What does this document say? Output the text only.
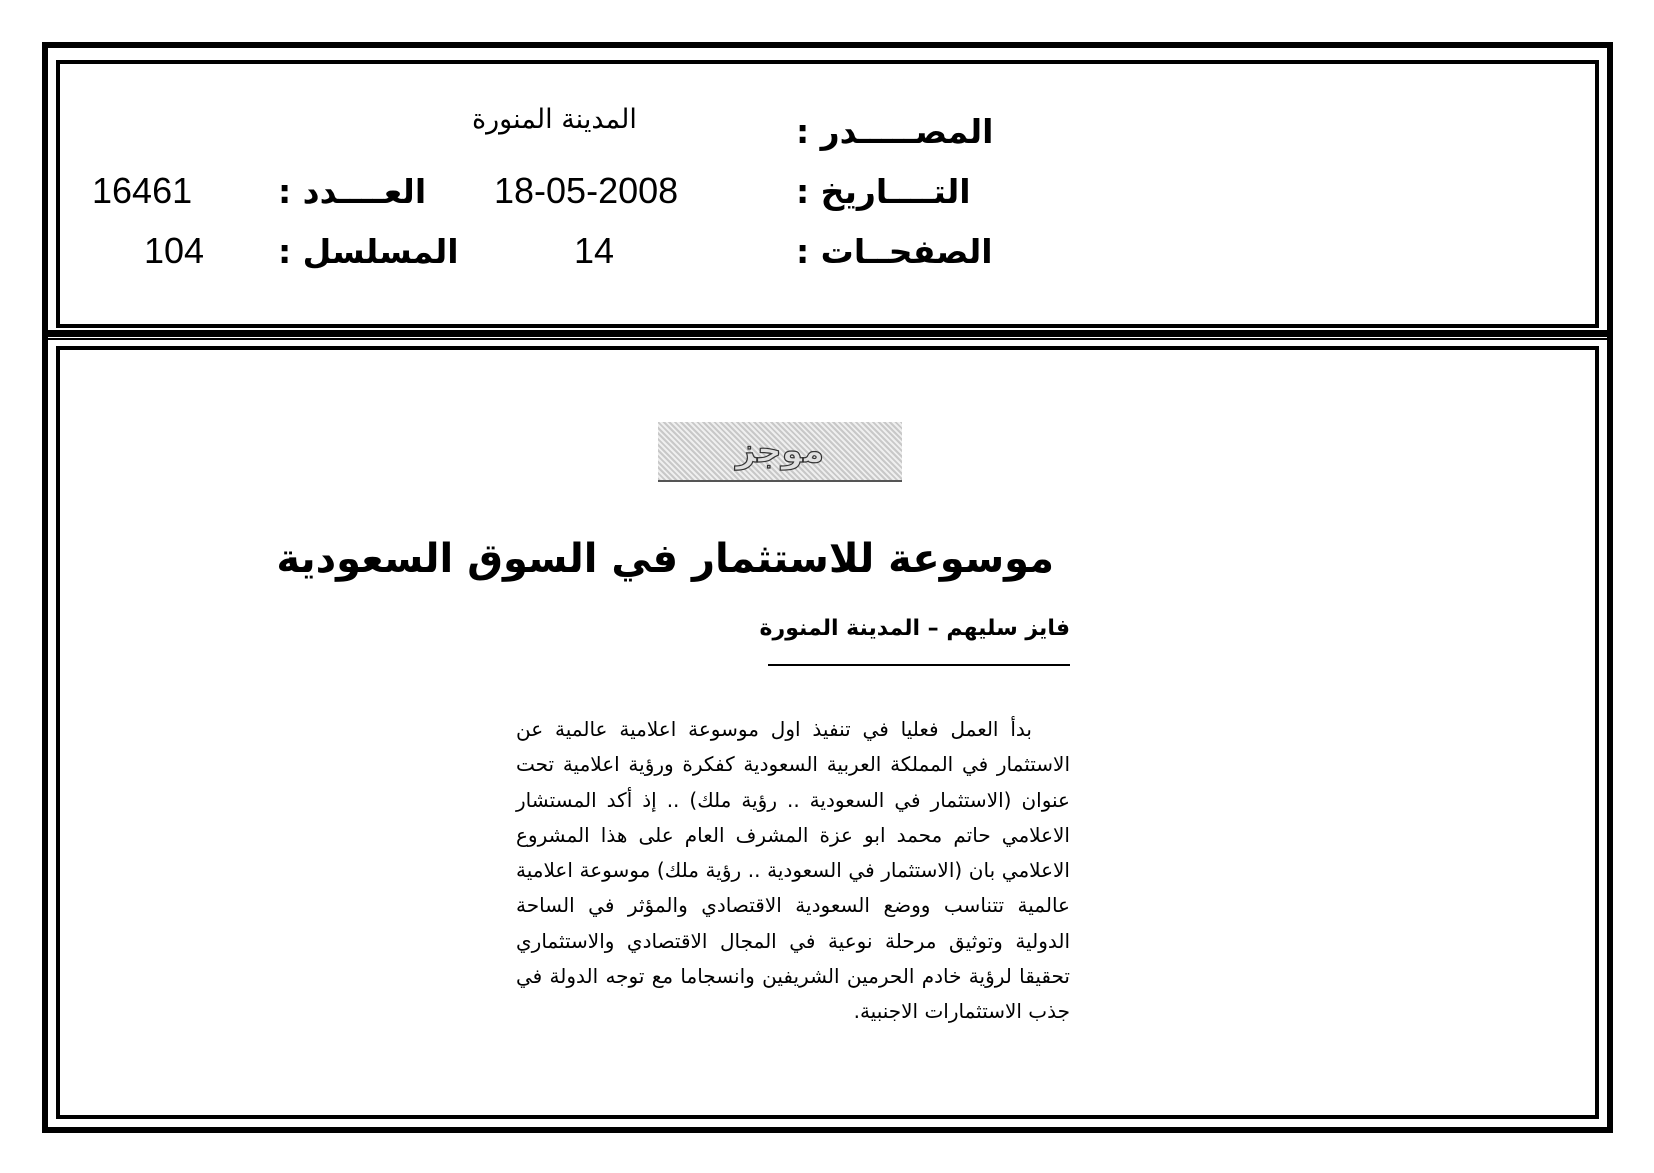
المصـــــدر :
المدينة المنورة
التــــاريخ :
18-05-2008
العــــدد :
16461
الصفحــات :
14
المسلسل :
104
موجز
موسوعة للاستثمار في السوق السعودية
فايز سليهم – المدينة المنورة

بدأ العمل فعليا في تنفيذ اول موسوعة اعلامية عالمية عن الاستثمار في المملكة العربية السعودية كفكرة ورؤية اعلامية تحت عنوان (الاستثمار في السعودية .. رؤية ملك) .. إذ أكد المستشار الاعلامي حاتم محمد ابو عزة المشرف العام على هذا المشروع الاعلامي بان (الاستثمار في السعودية .. رؤية ملك) موسوعة اعلامية عالمية تتناسب ووضع السعودية الاقتصادي والمؤثر في الساحة الدولية وتوثيق مرحلة نوعية في المجال الاقتصادي والاستثماري تحقيقا لرؤية خادم الحرمين الشريفين وانسجاما مع توجه الدولة في جذب الاستثمارات الاجنبية.
